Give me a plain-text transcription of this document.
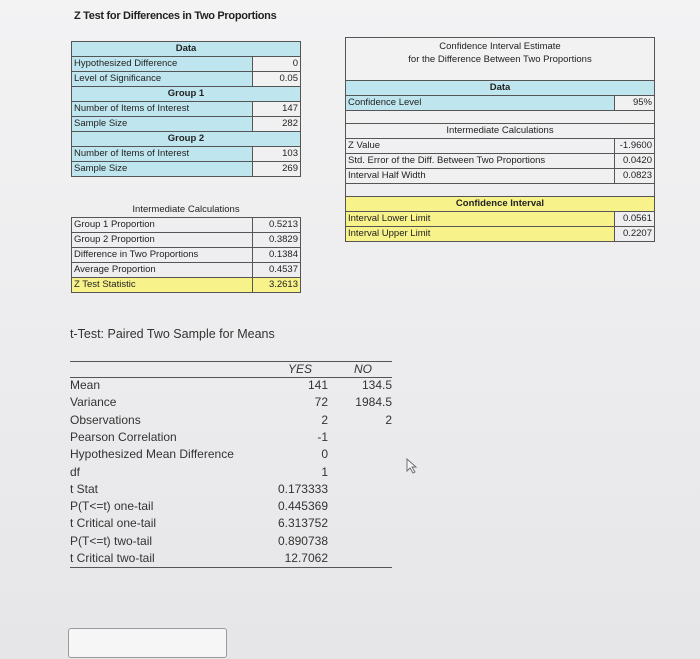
Z Test for Differences in Two Proportions
Data	
Hypothesized Difference	0
Level of Significance	0.05
Group 1	
Number of Items of Interest	147
Sample Size	282
Group 2	
Number of Items of Interest	103
Sample Size	269
Intermediate Calculations	
Group 1 Proportion	0.5213
Group 2 Proportion	0.3829
Difference in Two Proportions	0.1384
Average Proportion	0.4537
Z Test Statistic	3.2613
Confidence Interval Estimate
for the Difference Between Two Proportions	

Data	
Confidence Level	95%

Intermediate Calculations	
Z Value	-1.9600
Std. Error of the Diff. Between Two Proportions	0.0420
Interval Half Width	0.0823

Confidence Interval	
Interval Lower Limit	0.0561
Interval Upper Limit	0.2207
t-Test: Paired Two Sample for Means
YES	NO
Mean	141	134.5
Variance	72	1984.5
Observations	2	2
Pearson Correlation	-1
Hypothesized Mean Difference	0
df	1
t Stat	0.173333
P(T<=t) one-tail	0.445369
t Critical one-tail	6.313752
P(T<=t) two-tail	0.890738
t Critical two-tail	12.7062
